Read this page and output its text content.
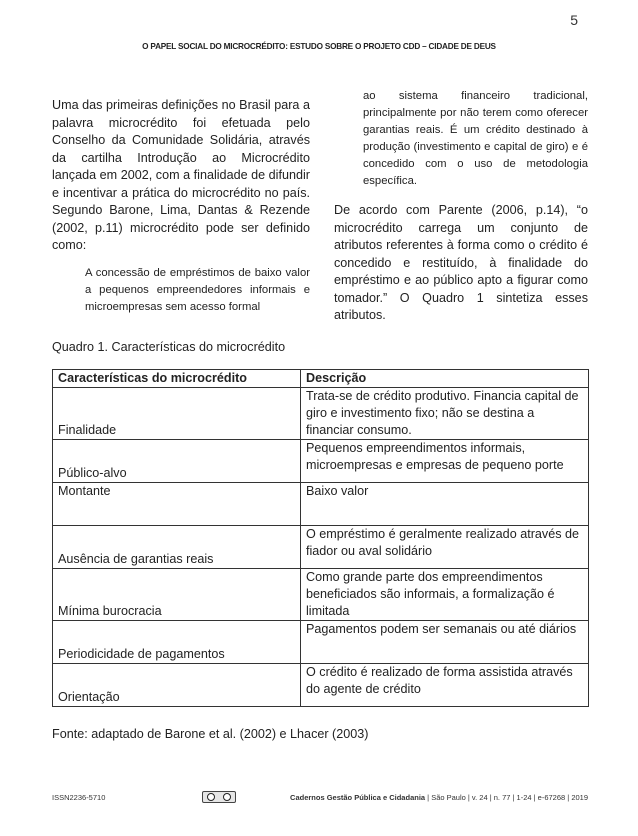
5
O PAPEL SOCIAL DO MICROCRÉDITO: ESTUDO SOBRE O PROJETO CDD – CIDADE DE DEUS
Uma das primeiras definições no Brasil para a palavra microcrédito foi efetuada pelo Conselho da Comunidade Solidária, através da cartilha Introdução ao Microcrédito lançada em 2002, com a finalidade de difundir e incentivar a prática do microcrédito no país. Segundo Barone, Lima, Dantas & Rezende (2002, p.11) microcrédito pode ser definido como:
A concessão de empréstimos de baixo valor a pequenos empreendedores informais e microempresas sem acesso formal
ao sistema financeiro tradicional, principalmente por não terem como oferecer garantias reais. É um crédito destinado à produção (investimento e capital de giro) e é concedido com o uso de metodologia específica.
De acordo com Parente (2006, p.14), “o microcrédito carrega um conjunto de atributos referentes à forma como o crédito é concedido e restituído, à finalidade do empréstimo e ao público apto a figurar como tomador.” O Quadro 1 sintetiza esses atributos.
Quadro 1. Características do microcrédito
Características do microcrédito	Descrição
Finalidade	Trata-se de crédito produtivo. Financia capital de giro e investimento fixo; não se destina a financiar consumo.
Público-alvo	Pequenos empreendimentos informais, microempresas e empresas de pequeno porte
Montante	Baixo valor
Ausência de garantias reais	O empréstimo é geralmente realizado através de fiador ou aval solidário
Mínima burocracia	Como grande parte dos empreendimentos beneficiados são informais, a formalização é limitada
Periodicidade de pagamentos	Pagamentos podem ser semanais ou até diários
Orientação	O crédito é realizado de forma assistida através do agente de crédito
Fonte: adaptado de Barone et al. (2002) e Lhacer (2003)
ISSN2236-5710	Cadernos Gestão Pública e Cidadania | São Paulo | v. 24 | n. 77 | 1-24 | e-67268 | 2019
